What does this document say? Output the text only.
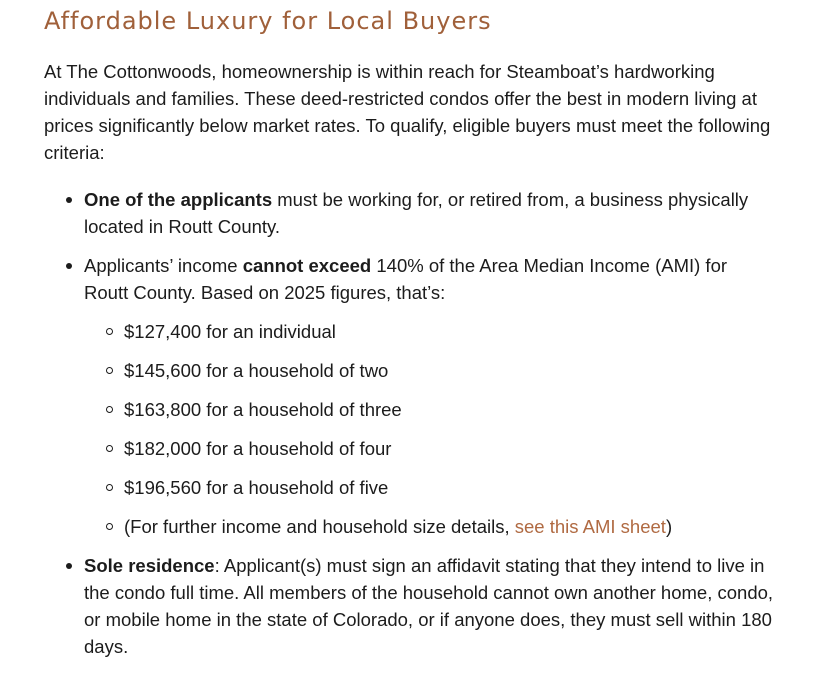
Affordable Luxury for Local Buyers

At The Cottonwoods, homeownership is within reach for Steamboat’s hardworking individuals and families. These deed-restricted condos offer the best in modern living at prices significantly below market rates. To qualify, eligible buyers must meet the following criteria:

One of the applicants must be working for, or retired from, a business physically located in Routt County.
Applicants’ income cannot exceed 140% of the Area Median Income (AMI) for Routt County. Based on 2025 figures, that’s:
$127,400 for an individual
$145,600 for a household of two
$163,800 for a household of three
$182,000 for a household of four
$196,560 for a household of five
(For further income and household size details, see this AMI sheet)
Sole residence: Applicant(s) must sign an affidavit stating that they intend to live in the condo full time. All members of the household cannot own another home, condo, or mobile home in the state of Colorado, or if anyone does, they must sell within 180 days.
